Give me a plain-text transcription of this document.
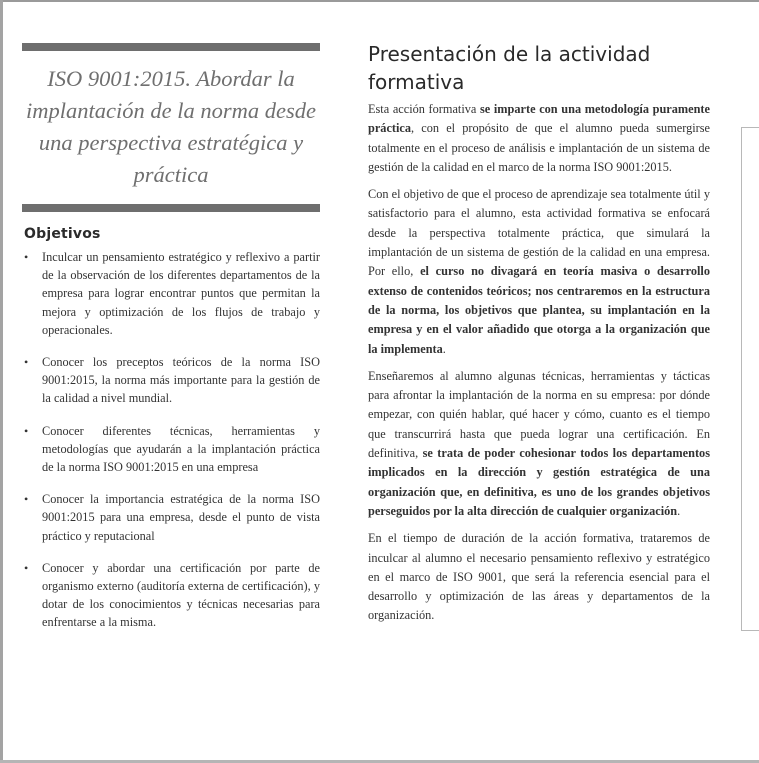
ISO 9001:2015. Abordar la implantación de la norma desde una perspectiva estratégica y práctica
Objetivos
• Inculcar un pensamiento estratégico y reflexivo a partir de la observación de los diferentes departamentos de la empresa para lograr encontrar puntos que permitan la mejora y optimización de los flujos de trabajo y operacionales.
• Conocer los preceptos teóricos de la norma ISO 9001:2015, la norma más importante para la gestión de la calidad a nivel mundial.
• Conocer diferentes técnicas, herramientas y metodologías que ayudarán a la implantación práctica de la norma ISO 9001:2015 en una empresa
• Conocer la importancia estratégica de la norma ISO 9001:2015 para una empresa, desde el punto de vista práctico y reputacional
• Conocer y abordar una certificación por parte de organismo externo (auditoría externa de certificación), y dotar de los conocimientos y técnicas necesarias para enfrentarse a la misma.
Presentación de la actividad formativa

Esta acción formativa se imparte con una metodología puramente práctica, con el propósito de que el alumno pueda sumergirse totalmente en el proceso de análisis e implantación de un sistema de gestión de la calidad en el marco de la norma ISO 9001:2015.

Con el objetivo de que el proceso de aprendizaje sea totalmente útil y satisfactorio para el alumno, esta actividad formativa se enfocará desde la perspectiva totalmente práctica, que simulará la implantación de un sistema de gestión de la calidad en una empresa. Por ello, el curso no divagará en teoría masiva o desarrollo extenso de contenidos teóricos; nos centraremos en la estructura de la norma, los objetivos que plantea, su implantación en la empresa y en el valor añadido que otorga a la organización que la implementa.

Enseñaremos al alumno algunas técnicas, herramientas y tácticas para afrontar la implantación de la norma en su empresa: por dónde empezar, con quién hablar, qué hacer y cómo, cuanto es el tiempo que transcurrirá hasta que pueda lograr una certificación. En definitiva, se trata de poder cohesionar todos los departamentos implicados en la dirección y gestión estratégica de una organización que, en definitiva, es uno de los grandes objetivos perseguidos por la alta dirección de cualquier organización.

En el tiempo de duración de la acción formativa, trataremos de inculcar al alumno el necesario pensamiento reflexivo y estratégico en el marco de ISO 9001, que será la referencia esencial para el desarrollo y optimización de las áreas y departamentos de la organización.
